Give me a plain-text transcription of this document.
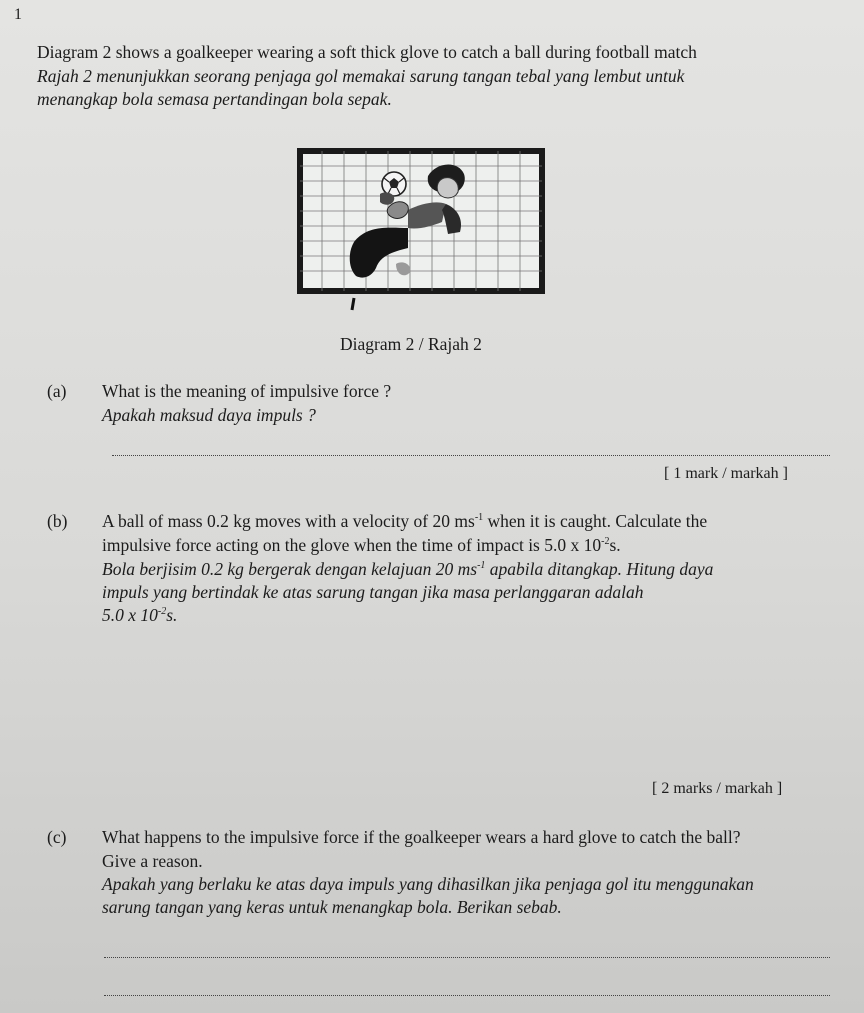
1
Diagram 2 shows a goalkeeper wearing a soft thick glove to catch a ball during football match
Rajah 2 menunjukkan seorang penjaga gol memakai sarung tangan tebal yang lembut untuk
menangkap bola semasa pertandingan bola sepak.
Diagram 2 / Rajah 2
(a) What is the meaning of impulsive force ?
Apakah maksud daya impuls ?
[ 1 mark / markah ]
(b) A ball of mass 0.2 kg moves with a velocity of 20 $ms^{-1}$ when it is caught. Calculate the
impulsive force acting on the glove when the time of impact is 5.0 x $10^{-2}s$.
Bola berjisim 0.2 kg bergerak dengan kelajuan 20 $ms^{-1}$ apabila ditangkap. Hitung daya
impuls yang bertindak ke atas sarung tangan jika masa perlanggaran adalah
5.0 x $10^{-2}s$.
[ 2 marks / markah ]
(c) What happens to the impulsive force if the goalkeeper wears a hard glove to catch the ball?
Give a reason.
Apakah yang berlaku ke atas daya impuls yang dihasilkan jika penjaga gol itu menggunakan
sarung tangan yang keras untuk menangkap bola. Berikan sebab.
